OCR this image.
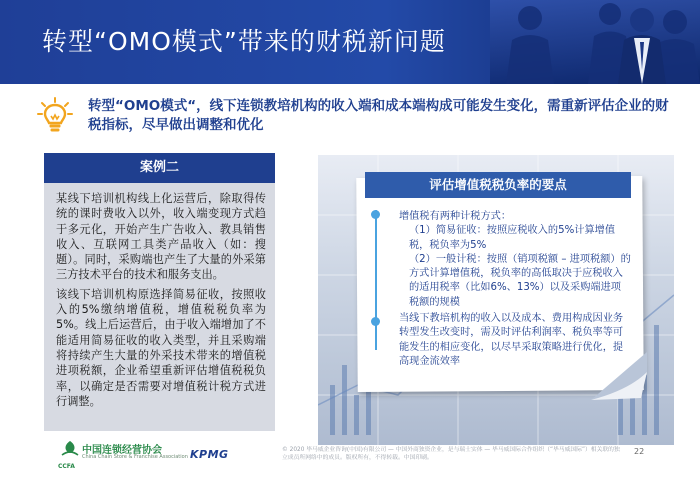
转型“OMO模式”带来的财税新问题
转型“OMO模式“，线下连锁教培机构的收入端和成本端构成可能发生变化，需重新评估企业的财税指标，尽早做出调整和优化
案例二

某线下培训机构线上化运营后，除取得传统的课时费收入以外，收入端变现方式趋于多元化，开始产生广告收入、教具销售收入、互联网工具类产品收入（如：搜题）。同时，采购端也产生了大量的外采第三方技术平台的技术和服务支出。

该线下培训机构原选择简易征收，按照收入的5%缴纳增值税，增值税税负率为5%。线上后运营后，由于收入端增加了不能适用简易征收的收入类型，并且采购端将持续产生大量的外采技术带来的增值税进项税额，企业希望重新评估增值税税负率，以确定是否需要对增值税计税方式进行调整。

评估增值税税负率的要点
增值税有两种计税方式：
（1）简易征收：按照应税收入的5%计算增值税，税负率为5%
（2）一般计税：按照（销项税额 – 进项税额）的方式计算增值税，税负率的高低取决于应税收入的适用税率（比如6%、13%）以及采购端进项税额的规模
当线下教培机构的收入以及成本、费用构成因业务转型发生改变时，需及时评估利润率、税负率等可能发生的相应变化，以尽早采取策略进行优化，提高现金流效率
中国连锁经营协会
China Chain Store & Franchise Association
CCFA
KPMG	© 2020 毕马威企业咨询(中国)有限公司 — 中国外商独资企业，是与瑞士实体 — 毕马威国际合作组织（“毕马威国际”）相关联的独立成员所网络中的成员。版权所有，不得转载。中国印刷。
22
